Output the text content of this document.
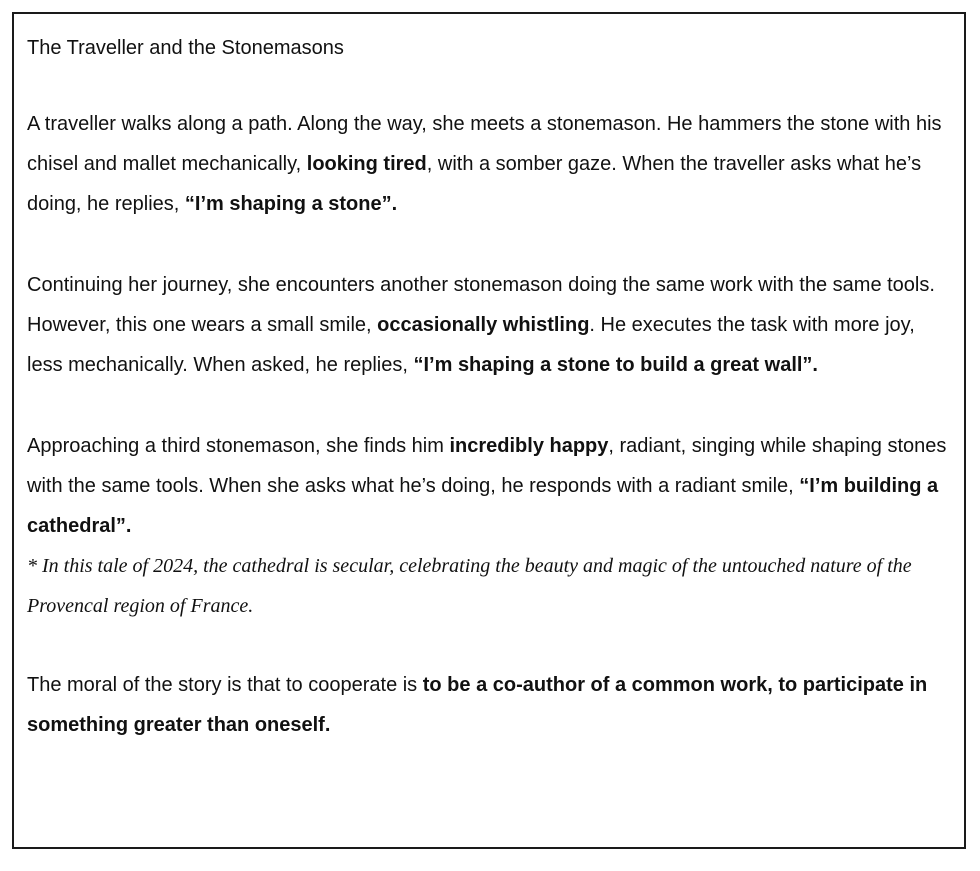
The Traveller and the Stonemasons

A traveller walks along a path. Along the way, she meets a stonemason. He hammers the stone with his chisel and mallet mechanically, looking tired, with a somber gaze. When the traveller asks what he’s doing, he replies, “I’m shaping a stone”.

Continuing her journey, she encounters another stonemason doing the same work with the same tools. However, this one wears a small smile, occasionally whistling. He executes the task with more joy, less mechanically. When asked, he replies, “I’m shaping a stone to build a great wall”.

Approaching a third stonemason, she finds him incredibly happy, radiant, singing while shaping stones with the same tools. When she asks what he’s doing, he responds with a radiant smile, “I’m building a cathedral”.

* In this tale of 2024, the cathedral is secular, celebrating the beauty and magic of the untouched nature of the Provencal region of France.

The moral of the story is that to cooperate is to be a co-author of a common work, to participate in something greater than oneself.
